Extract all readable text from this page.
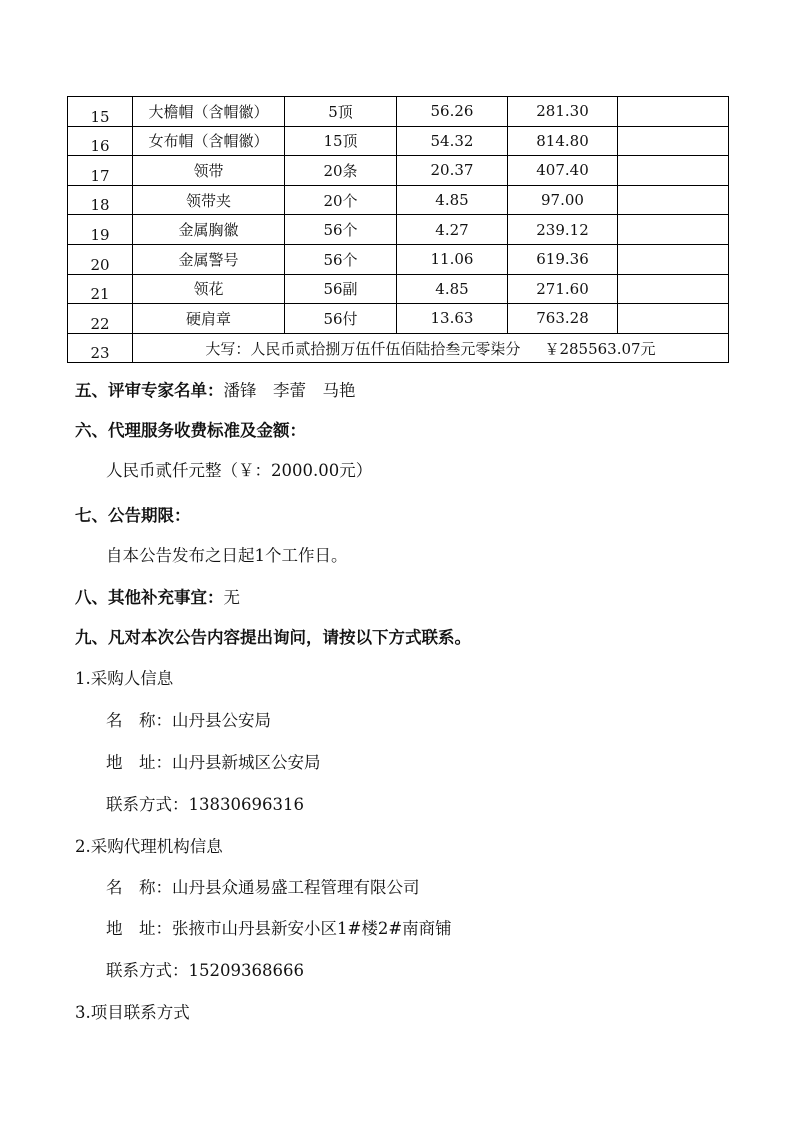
15	大檐帽（含帽徽）	5顶	56.26	281.30	
16	女布帽（含帽徽）	15顶	54.32	814.80	
17	领带	20条	20.37	407.40	
18	领带夹	20个	4.85	97.00	
19	金属胸徽	56个	4.27	239.12	
20	金属警号	56个	11.06	619.36	
21	领花	56副	4.85	271.60	
22	硬肩章	56付	13.63	763.28	
23	大写：人民币贰拾捌万伍仟伍佰陆拾叁元零柒分 ￥285563.07元				
五、评审专家名单：潘锋　李蕾　马艳
六、代理服务收费标准及金额：
人民币贰仟元整（￥：2000.00元）
七、公告期限：
自本公告发布之日起1个工作日。
八、其他补充事宜：无
九、凡对本次公告内容提出询问，请按以下方式联系。
1.采购人信息
名　称：山丹县公安局
地　址：山丹县新城区公安局
联系方式：13830696316
2.采购代理机构信息
名　称：山丹县众通易盛工程管理有限公司
地　址：张掖市山丹县新安小区1#楼2#南商铺
联系方式：15209368666
3.项目联系方式
